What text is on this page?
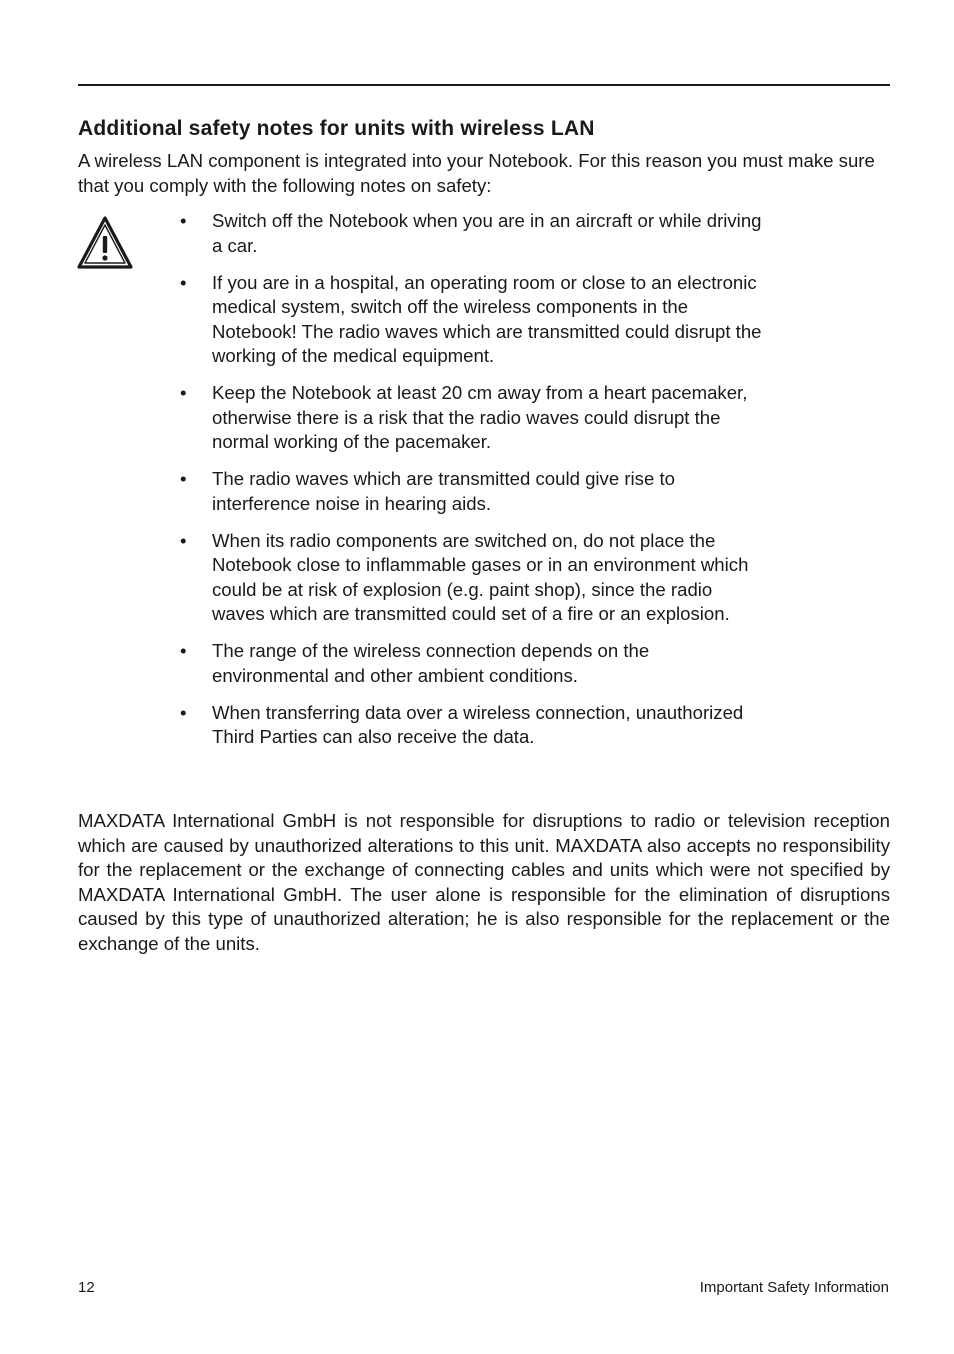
Additional safety notes for units with wireless LAN

A wireless LAN component is integrated into your Notebook. For this reason you must make sure that you comply with the following notes on safety:

• Switch off the Notebook when you are in an aircraft or while driving a car.
• If you are in a hospital, an operating room or close to an electronic medical system, switch off the wireless components in the Notebook! The radio waves which are transmitted could disrupt the working of the medical equipment.
• Keep the Notebook at least 20 cm away from a heart pacemaker, otherwise there is a risk that the radio waves could disrupt the normal working of the pacemaker.
• The radio waves which are transmitted could give rise to interference noise in hearing aids.
• When its radio components are switched on, do not place the Notebook close to inflammable gases or in an environment which could be at risk of explosion (e.g. paint shop), since the radio waves which are transmitted could set of a fire or an explosion.
• The range of the wireless connection depends on the environmental and other ambient conditions.
• When transferring data over a wireless connection, unauthorized Third Parties can also receive the data.

MAXDATA International GmbH is not responsible for disruptions to radio or television reception which are caused by unauthorized alterations to this unit. MAXDATA also accepts no responsibility for the replacement or the exchange of connecting cables and units which were not specified by MAXDATA International GmbH. The user alone is responsible for the elimination of disruptions caused by this type of unauthorized alteration; he is also responsible for the replacement or the exchange of the units.

12	Important Safety Information
